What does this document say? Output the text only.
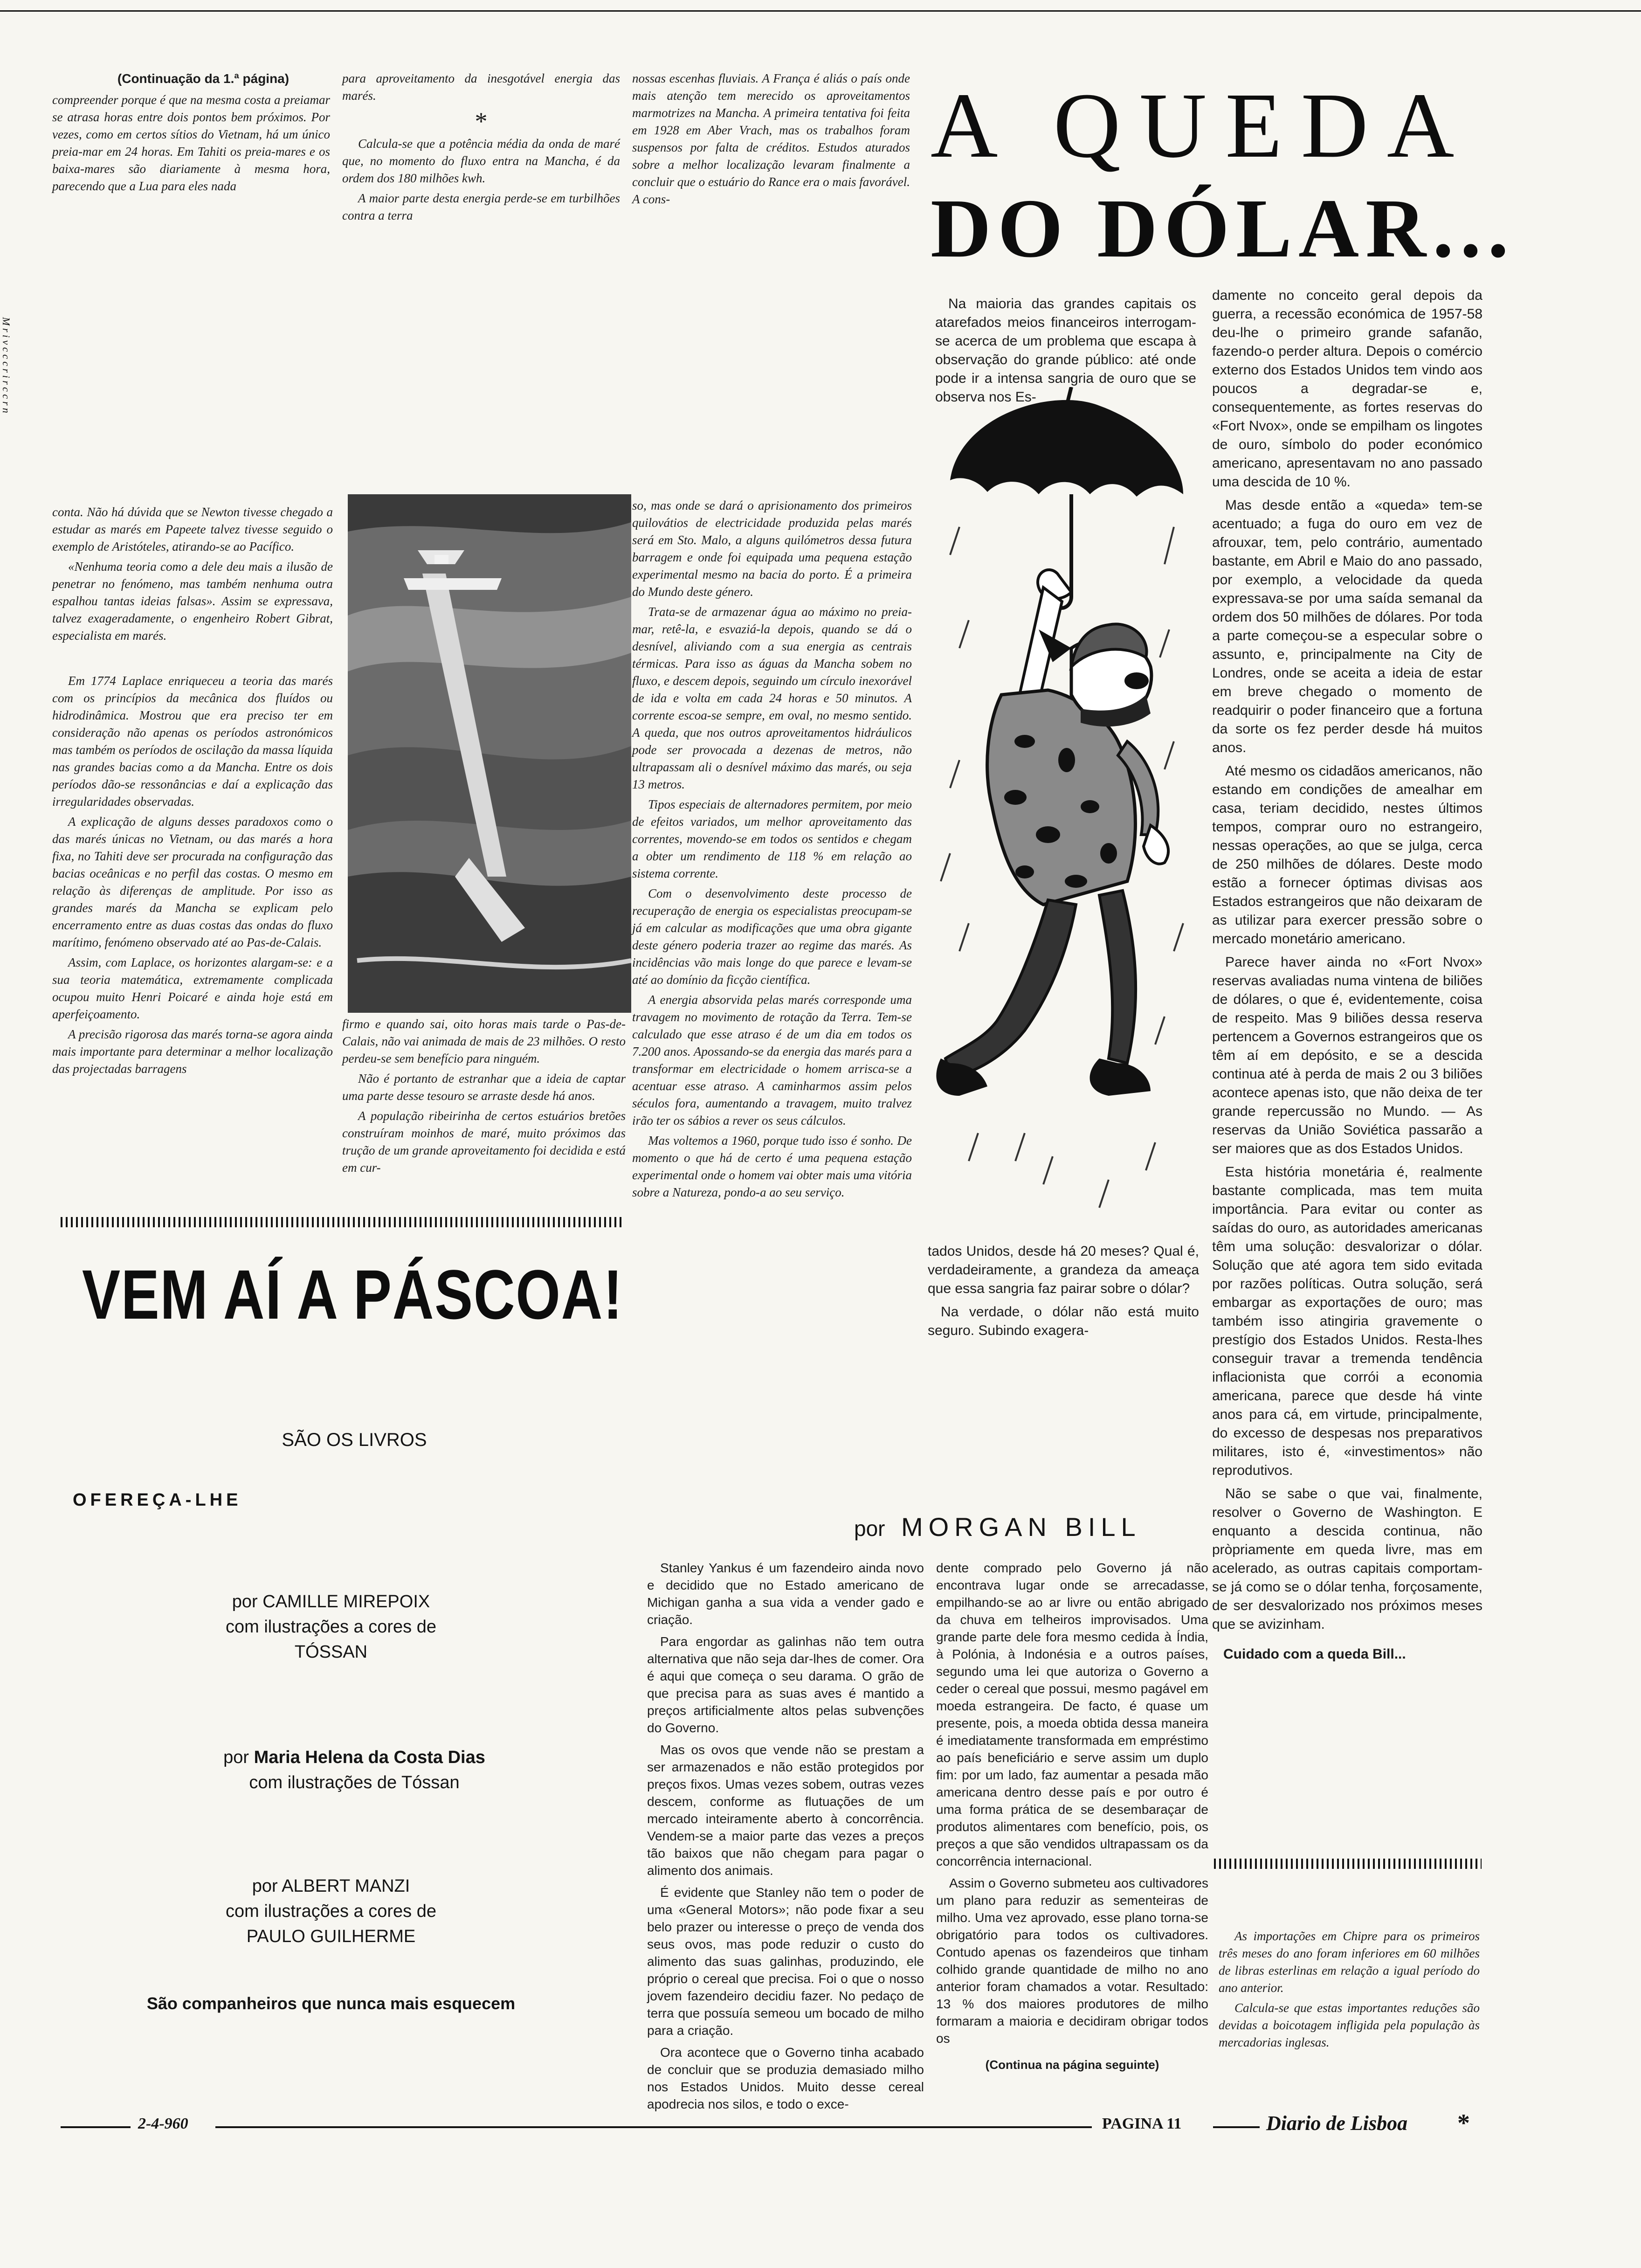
M r i v c c c r i r c c r n
(Continuação da 1.ª página)

compreender porque é que na mesma costa a preiamar se atrasa horas entre dois pontos bem próximos. Por vezes, como em certos sítios do Vietnam, há um único preia-mar em 24 horas. Em Tahiti os preia-mares e os baixa-mares são diariamente à mesma hora, parecendo que a Lua para eles nada

para aproveitamento da inesgotável energia das marés.

*

Calcula-se que a potência média da onda de maré que, no momento do fluxo entra na Mancha, é da ordem dos 180 milhões kwh.

A maior parte desta energia perde-se em turbilhões contra a terra

nossas escenhas fluviais. A França é aliás o país onde mais atenção tem merecido os aproveitamentos marmotrizes na Mancha. A primeira tentativa foi feita em 1928 em Aber Vrach, mas os trabalhos foram suspensos por falta de créditos. Estudos aturados sobre a melhor localização levaram finalmente a concluir que o estuário do Rance era o mais favorável. A cons-

conta. Não há dúvida que se Newton tivesse chegado a estudar as marés em Papeete talvez tivesse seguido o exemplo de Aristóteles, atirando-se ao Pacífico.

«Nenhuma teoria como a dele deu mais a ilusão de penetrar no fenómeno, mas também nenhuma outra espalhou tantas ideias falsas». Assim se expressava, talvez exageradamente, o engenheiro Robert Gibrat, especialista em marés.

Em 1774 Laplace enriqueceu a teoria das marés com os princípios da mecânica dos fluídos ou hidrodinâmica. Mostrou que era preciso ter em consideração não apenas os períodos astronómicos mas também os períodos de oscilação da massa líquida nas grandes bacias como a da Mancha. Entre os dois períodos dão-se ressonâncias e daí a explicação das irregularidades observadas.

A explicação de alguns desses paradoxos como o das marés únicas no Vietnam, ou das marés a hora fixa, no Tahiti deve ser procurada na configuração das bacias oceânicas e no perfil das costas. O mesmo em relação às diferenças de amplitude. Por isso as grandes marés da Mancha se explicam pelo encerramento entre as duas costas das ondas do fluxo marítimo, fenómeno observado até ao Pas-de-Calais.

Assim, com Laplace, os horizontes alargam-se: e a sua teoria matemática, extremamente complicada ocupou muito Henri Poicaré e ainda hoje está em aperfeiçoamento.

A precisão rigorosa das marés torna-se agora ainda mais importante para determinar a melhor localização das projectadas barragens

firmo e quando sai, oito horas mais tarde o Pas-de-Calais, não vai animada de mais de 23 milhões. O resto perdeu-se sem benefício para ninguém.

Não é portanto de estranhar que a ideia de captar uma parte desse tesouro se arraste desde há anos.

A população ribeirinha de certos estuários bretões construíram moinhos de maré, muito próximos das trução de um grande aproveitamento foi decidida e está em cur-

so, mas onde se dará o aprisionamento dos primeiros quilovátios de electricidade produzida pelas marés será em Sto. Malo, a alguns quilómetros dessa futura barragem e onde foi equipada uma pequena estação experimental mesmo na bacia do porto. É a primeira do Mundo deste género.

Trata-se de armazenar água ao máximo no preia-mar, retê-la, e esvaziá-la depois, quando se dá o desnível, aliviando com a sua energia as centrais térmicas. Para isso as águas da Mancha sobem no fluxo, e descem depois, seguindo um círculo inexorável de ida e volta em cada 24 horas e 50 minutos. A corrente escoa-se sempre, em oval, no mesmo sentido. A queda, que nos outros aproveitamentos hidráulicos pode ser provocada a dezenas de metros, não ultrapassam ali o desnível máximo das marés, ou seja 13 metros.

Tipos especiais de alternadores permitem, por meio de efeitos variados, um melhor aproveitamento das correntes, movendo-se em todos os sentidos e chegam a obter um rendimento de 118 % em relação ao sistema corrente.

Com o desenvolvimento deste processo de recuperação de energia os especialistas preocupam-se já em calcular as modificações que uma obra gigante deste género poderia trazer ao regime das marés. As incidências vão mais longe do que parece e levam-se até ao domínio da ficção científica.

A energia absorvida pelas marés corresponde uma travagem no movimento de rotação da Terra. Tem-se calculado que esse atraso é de um dia em todos os 7.200 anos. Apossando-se da energia das marés para a transformar em electricidade o homem arrisca-se a acentuar esse atraso. A caminharmos assim pelos séculos fora, aumentando a travagem, muito tralvez irão ter os sábios a rever os seus cálculos.

Mas voltemos a 1960, porque tudo isso é sonho. De momento o que há de certo é uma pequena estação experimental onde o homem vai obter mais uma vitória sobre a Natureza, pondo-a ao seu serviço.

A QUEDA
DO DÓLAR...

Na maioria das grandes capitais os atarefados meios financeiros interrogam-se acerca de um problema que escapa à observação do grande público: até onde pode ir a intensa sangria de ouro que se observa nos Es-

tados Unidos, desde há 20 meses? Qual é, verdadeiramente, a grandeza da ameaça que essa sangria faz pairar sobre o dólar?

Na verdade, o dólar não está muito seguro. Subindo exagera-

damente no conceito geral depois da guerra, a recessão económica de 1957-58 deu-lhe o primeiro grande safanão, fazendo-o perder altura. Depois o comércio externo dos Estados Unidos tem vindo aos poucos a degradar-se e, consequentemente, as fortes reservas do «Fort Nvox», onde se empilham os lingotes de ouro, símbolo do poder económico americano, apresentavam no ano passado uma descida de 10 %.

Mas desde então a «queda» tem-se acentuado; a fuga do ouro em vez de afrouxar, tem, pelo contrário, aumentado bastante, em Abril e Maio do ano passado, por exemplo, a velocidade da queda expressava-se por uma saída semanal da ordem dos 50 milhões de dólares. Por toda a parte começou-se a especular sobre o assunto, e, principalmente na City de Londres, onde se aceita a ideia de estar em breve chegado o momento de readquirir o poder financeiro que a fortuna da sorte os fez perder desde há muitos anos.

Até mesmo os cidadãos americanos, não estando em condições de amealhar em casa, teriam decidido, nestes últimos tempos, comprar ouro no estrangeiro, nessas operações, ao que se julga, cerca de 250 milhões de dólares. Deste modo estão a fornecer óptimas divisas aos Estados estrangeiros que não deixaram de as utilizar para exercer pressão sobre o mercado monetário americano.

Parece haver ainda no «Fort Nvox» reservas avaliadas numa vintena de biliões de dólares, o que é, evidentemente, coisa de respeito. Mas 9 biliões dessa reserva pertencem a Governos estrangeiros que os têm aí em depósito, e se a descida continua até à perda de mais 2 ou 3 biliões acontece apenas isto, que não deixa de ter grande repercussão no Mundo. — As reservas da União Soviética passarão a ser maiores que as dos Estados Unidos.

Esta história monetária é, realmente bastante complicada, mas tem muita importância. Para evitar ou conter as saídas do ouro, as autoridades americanas têm uma solução: desvalorizar o dólar. Solução que até agora tem sido evitada por razões políticas. Outra solução, será embargar as exportações de ouro; mas também isso atingiria gravemente o prestígio dos Estados Unidos. Resta-lhes conseguir travar a tremenda tendência inflacionista que corrói a economia americana, parece que desde há vinte anos para cá, em virtude, principalmente, do excesso de despesas nos preparativos militares, isto é, «investimentos» não reprodutivos.

Não se sabe o que vai, finalmente, resolver o Governo de Washington. E enquanto a descida continua, não pròpriamente em queda livre, mas em acelerado, as outras capitais comportam-se já como se o dólar tenha, forçosamente, de ser desvalorizado nos próximos meses que se avizinham.

Cuidado com a queda Bill...

por MORGAN BILL

Stanley Yankus é um fazendeiro ainda novo e decidido que no Estado americano de Michigan ganha a sua vida a vender gado e criação.

Para engordar as galinhas não tem outra alternativa que não seja dar-lhes de comer. Ora é aqui que começa o seu darama. O grão de que precisa para as suas aves é mantido a preços artificialmente altos pelas subvenções do Governo.

Mas os ovos que vende não se prestam a ser armazenados e não estão protegidos por preços fixos. Umas vezes sobem, outras vezes descem, conforme as flutuações de um mercado inteiramente aberto à concorrência. Vendem-se a maior parte das vezes a preços tão baixos que não chegam para pagar o alimento dos animais.

É evidente que Stanley não tem o poder de uma «General Motors»; não pode fixar a seu belo prazer ou interesse o preço de venda dos seus ovos, mas pode reduzir o custo do alimento das suas galinhas, produzindo, ele próprio o cereal que precisa. Foi o que o nosso jovem fazendeiro decidiu fazer. No pedaço de terra que possuía semeou um bocado de milho para a criação.

Ora acontece que o Governo tinha acabado de concluir que se produzia demasiado milho nos Estados Unidos. Muito desse cereal apodrecia nos silos, e todo o exce-

dente comprado pelo Governo já não encontrava lugar onde se arrecadasse, empilhando-se ao ar livre ou então abrigado da chuva em telheiros improvisados. Uma grande parte dele fora mesmo cedida à Índia, à Polónia, à Indonésia e a outros países, segundo uma lei que autoriza o Governo a ceder o cereal que possui, mesmo pagável em moeda estrangeira. De facto, é quase um presente, pois, a moeda obtida dessa maneira é imediatamente transformada em empréstimo ao país beneficiário e serve assim um duplo fim: por um lado, faz aumentar a pesada mão americana dentro desse país e por outro é uma forma prática de se desembaraçar de produtos alimentares com benefício, pois, os preços a que são vendidos ultrapassam os da concorrência internacional.

Assim o Governo submeteu aos cultivadores um plano para reduzir as sementeiras de milho. Uma vez aprovado, esse plano torna-se obrigatório para todos os cultivadores. Contudo apenas os fazendeiros que tinham colhido grande quantidade de milho no ano anterior foram chamados a votar. Resultado: 13 % dos maiores produtores de milho formaram a maioria e decidiram obrigar todos os

(Continua na página seguinte)

As importações em Chipre para os primeiros três meses do ano foram inferiores em 60 milhões de libras esterlinas em relação a igual período do ano anterior.

Calcula-se que estas importantes reduções são devidas a boicotagem infligida pela população às mercadorias inglesas.

VEM AÍ A PÁSCOA!
SÃO OS LIVROS
OFEREÇA-LHE
por CAMILLE MIREPOIX
com ilustrações a cores de
TÓSSAN
por Maria Helena da Costa Dias
com ilustrações de Tóssan
por ALBERT MANZI
com ilustrações a cores de
PAULO GUILHERME
São companheiros que nunca mais esquecem
2-4-960	PAGINA 11	Diario de Lisboa *
